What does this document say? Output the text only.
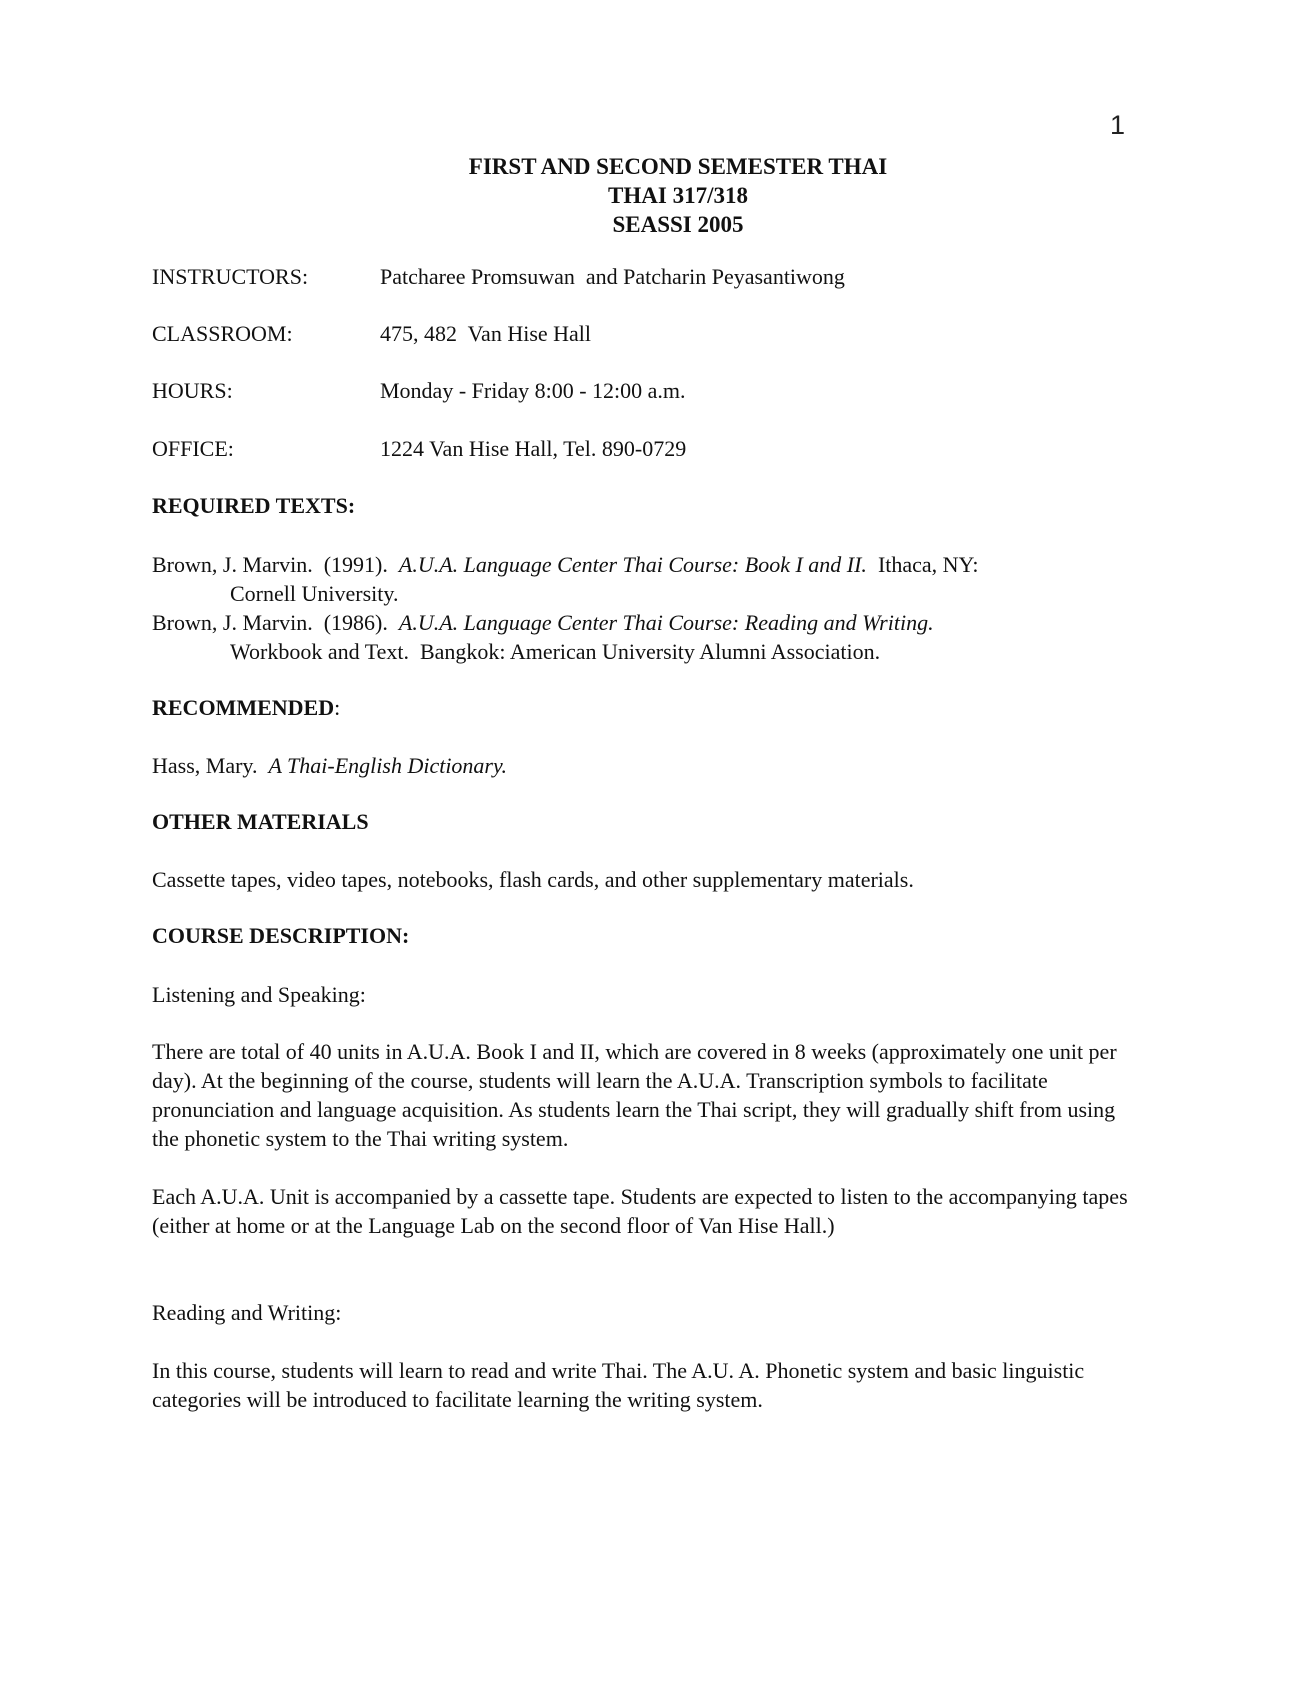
1
FIRST AND SECOND SEMESTER THAI
THAI 317/318
SEASSI 2005
INSTRUCTORS:	Patcharee Promsuwan  and Patcharin Peyasantiwong
CLASSROOM:	475, 482  Van Hise Hall
HOURS:	Monday - Friday 8:00 - 12:00 a.m.
OFFICE:	1224 Van Hise Hall, Tel. 890-0729
REQUIRED TEXTS:
Brown, J. Marvin.  (1991).  A.U.A. Language Center Thai Course: Book I and II.  Ithaca, NY:
Cornell University.
Brown, J. Marvin.  (1986).  A.U.A. Language Center Thai Course: Reading and Writing.
Workbook and Text.  Bangkok: American University Alumni Association.
RECOMMENDED:
Hass, Mary.  A Thai-English Dictionary.
OTHER MATERIALS
Cassette tapes, video tapes, notebooks, flash cards, and other supplementary materials.
COURSE DESCRIPTION:
Listening and Speaking:
There are total of 40 units in A.U.A. Book I and II, which are covered in 8 weeks (approximately one unit per day). At the beginning of the course, students will learn the A.U.A. Transcription symbols to facilitate pronunciation and language acquisition. As students learn the Thai script, they will gradually shift from using the phonetic system to the Thai writing system.
Each A.U.A. Unit is accompanied by a cassette tape. Students are expected to listen to the accompanying tapes (either at home or at the Language Lab on the second floor of Van Hise Hall.)
Reading and Writing:
In this course, students will learn to read and write Thai. The A.U. A. Phonetic system and basic linguistic categories will be introduced to facilitate learning the writing system.
